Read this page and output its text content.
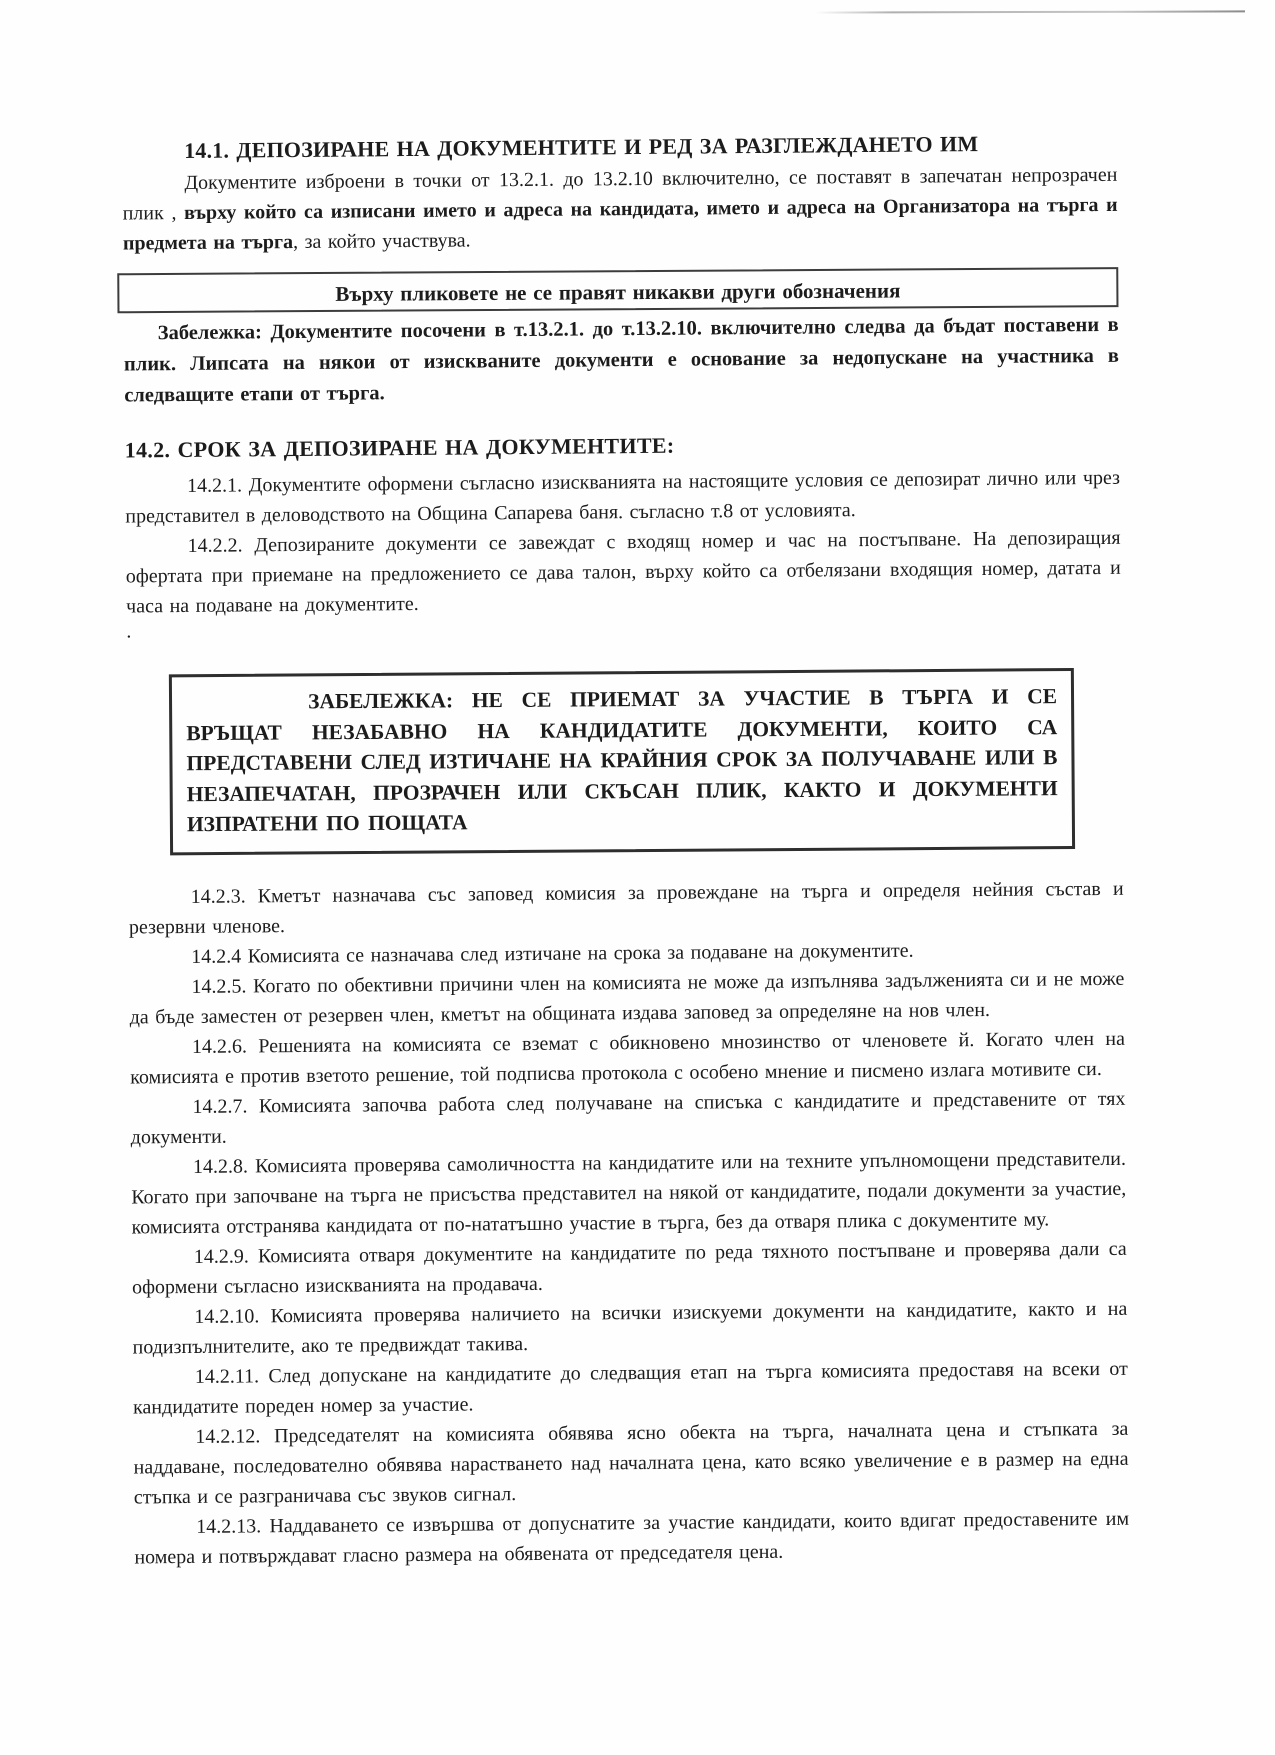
14.1. ДЕПОЗИРАНЕ НА ДОКУМЕНТИТЕ И РЕД ЗА РАЗГЛЕЖДАНЕТО ИМ

Документите изброени в точки от 13.2.1. до 13.2.10 включително, се поставят в запечатан непрозрачен плик , върху който са изписани името и адреса на кандидата, името и адреса на Организатора на търга и предмета на търга, за който участвува.

Върху пликовете не се правят никакви други обозначения

Забележка: Документите посочени в т.13.2.1. до т.13.2.10. включително следва да бъдат поставени в плик. Липсата на някои от изискваните документи е основание за недопускане на участника в следващите етапи от търга.

14.2. СРОК ЗА ДЕПОЗИРАНЕ НА ДОКУМЕНТИТЕ:

14.2.1. Документите оформени съгласно изискванията на настоящите условия се депозират лично или чрез представител в деловодството на Община Сапарева баня. съгласно т.8 от условията.

14.2.2. Депозираните документи се завеждат с входящ номер и час на постъпване. На депозиращия офертата при приемане на предложението се дава талон, върху който са отбелязани входящия номер, датата и часа на подаване на документите.

.

ЗАБЕЛЕЖКА: НЕ СЕ ПРИЕМАТ ЗА УЧАСТИЕ В ТЪРГА И СЕ ВРЪЩАТ НЕЗАБАВНО НА КАНДИДАТИТЕ ДОКУМЕНТИ, КОИТО СА ПРЕДСТАВЕНИ СЛЕД ИЗТИЧАНЕ НА КРАЙНИЯ СРОК ЗА ПОЛУЧАВАНЕ ИЛИ В НЕЗАПЕЧАТАН, ПРОЗРАЧЕН ИЛИ СКЪСАН ПЛИК, КАКТО И ДОКУМЕНТИ ИЗПРАТЕНИ ПО ПОЩАТА

14.2.3. Кметът назначава със заповед комисия за провеждане на търга и определя нейния състав и резервни членове.

14.2.4 Комисията се назначава след изтичане на срока за подаване на документите.

14.2.5. Когато по обективни причини член на комисията не може да изпълнява задълженията си и не може да бъде заместен от резервен член, кметът на общината издава заповед за определяне на нов член.

14.2.6. Решенията на комисията се вземат с обикновено мнозинство от членовете й. Когато член на комисията е против взетото решение, той подписва протокола с особено мнение и писмено излага мотивите си.

14.2.7. Комисията започва работа след получаване на списъка с кандидатите и представените от тях документи.

14.2.8. Комисията проверява самоличността на кандидатите или на техните упълномощени представители. Когато при започване на търга не присъства представител на някой от кандидатите, подали документи за участие, комисията отстранява кандидата от по-нататъшно участие в търга, без да отваря плика с документите му.

14.2.9. Комисията отваря документите на кандидатите по реда тяхното постъпване и проверява дали са оформени съгласно изискванията на продавача.

14.2.10. Комисията проверява наличието на всички изискуеми документи на кандидатите, както и на подизпълнителите, ако те предвиждат такива.

14.2.11. След допускане на кандидатите до следващия етап на търга комисията предоставя на всеки от кандидатите пореден номер за участие.

14.2.12. Председателят на комисията обявява ясно обекта на търга, началната цена и стъпката за наддаване, последователно обявява нарастването над началната цена, като всяко увеличение е в размер на една стъпка и се разграничава със звуков сигнал.

14.2.13. Наддаването се извършва от допуснатите за участие кандидати, които вдигат предоставените им номера и потвърждават гласно размера на обявената от председателя цена.
